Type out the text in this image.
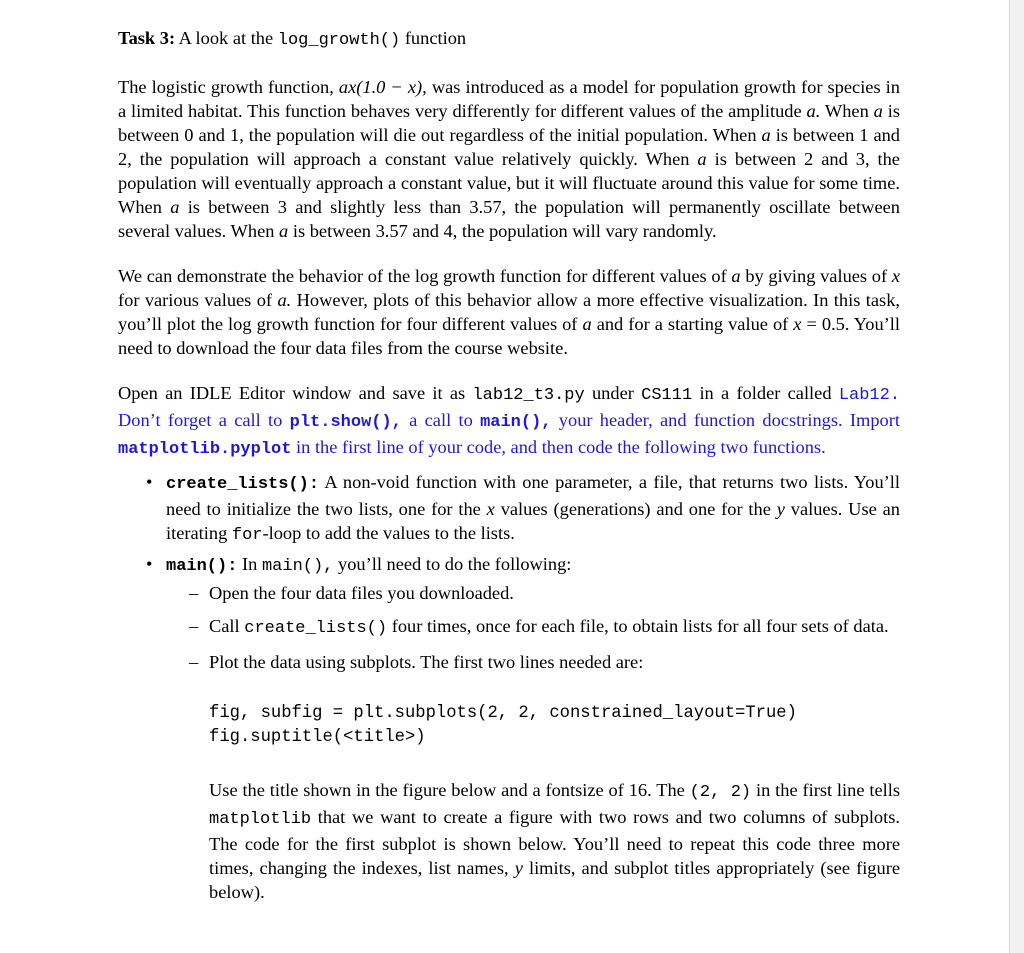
Task 3: A look at the log_growth() function

The logistic growth function, ax(1.0 − x), was introduced as a model for population growth for species in a limited habitat. This function behaves very differently for different values of the amplitude a. When a is between 0 and 1, the population will die out regardless of the initial population. When a is between 1 and 2, the population will approach a constant value relatively quickly. When a is between 2 and 3, the population will eventually approach a constant value, but it will fluctuate around this value for some time. When a is between 3 and slightly less than 3.57, the population will permanently oscillate between several values. When a is between 3.57 and 4, the population will vary randomly.

We can demonstrate the behavior of the log growth function for different values of a by giving values of x for various values of a. However, plots of this behavior allow a more effective visualization. In this task, you’ll plot the log growth function for four different values of a and for a starting value of x = 0.5. You’ll need to download the four data files from the course website.

Open an IDLE Editor window and save it as lab12_t3.py under CS111 in a folder called Lab12. Don’t forget a call to plt.show(), a call to main(), your header, and function docstrings. Import matplotlib.pyplot in the first line of your code, and then code the following two functions.

• create_lists(): A non-void function with one parameter, a file, that returns two lists. You’ll need to initialize the two lists, one for the x values (generations) and one for the y values. Use an iterating for-loop to add the values to the lists.
• main(): In main(), you’ll need to do the following:
– Open the four data files you downloaded.
– Call create_lists() four times, once for each file, to obtain lists for all four sets of data.
– Plot the data using subplots. The first two lines needed are:
fig, subfig = plt.subplots(2, 2, constrained_layout=True)
fig.suptitle(<title>)

Use the title shown in the figure below and a fontsize of 16. The (2, 2) in the first line tells matplotlib that we want to create a figure with two rows and two columns of subplots. The code for the first subplot is shown below. You’ll need to repeat this code three more times, changing the indexes, list names, y limits, and subplot titles appropriately (see figure below).
